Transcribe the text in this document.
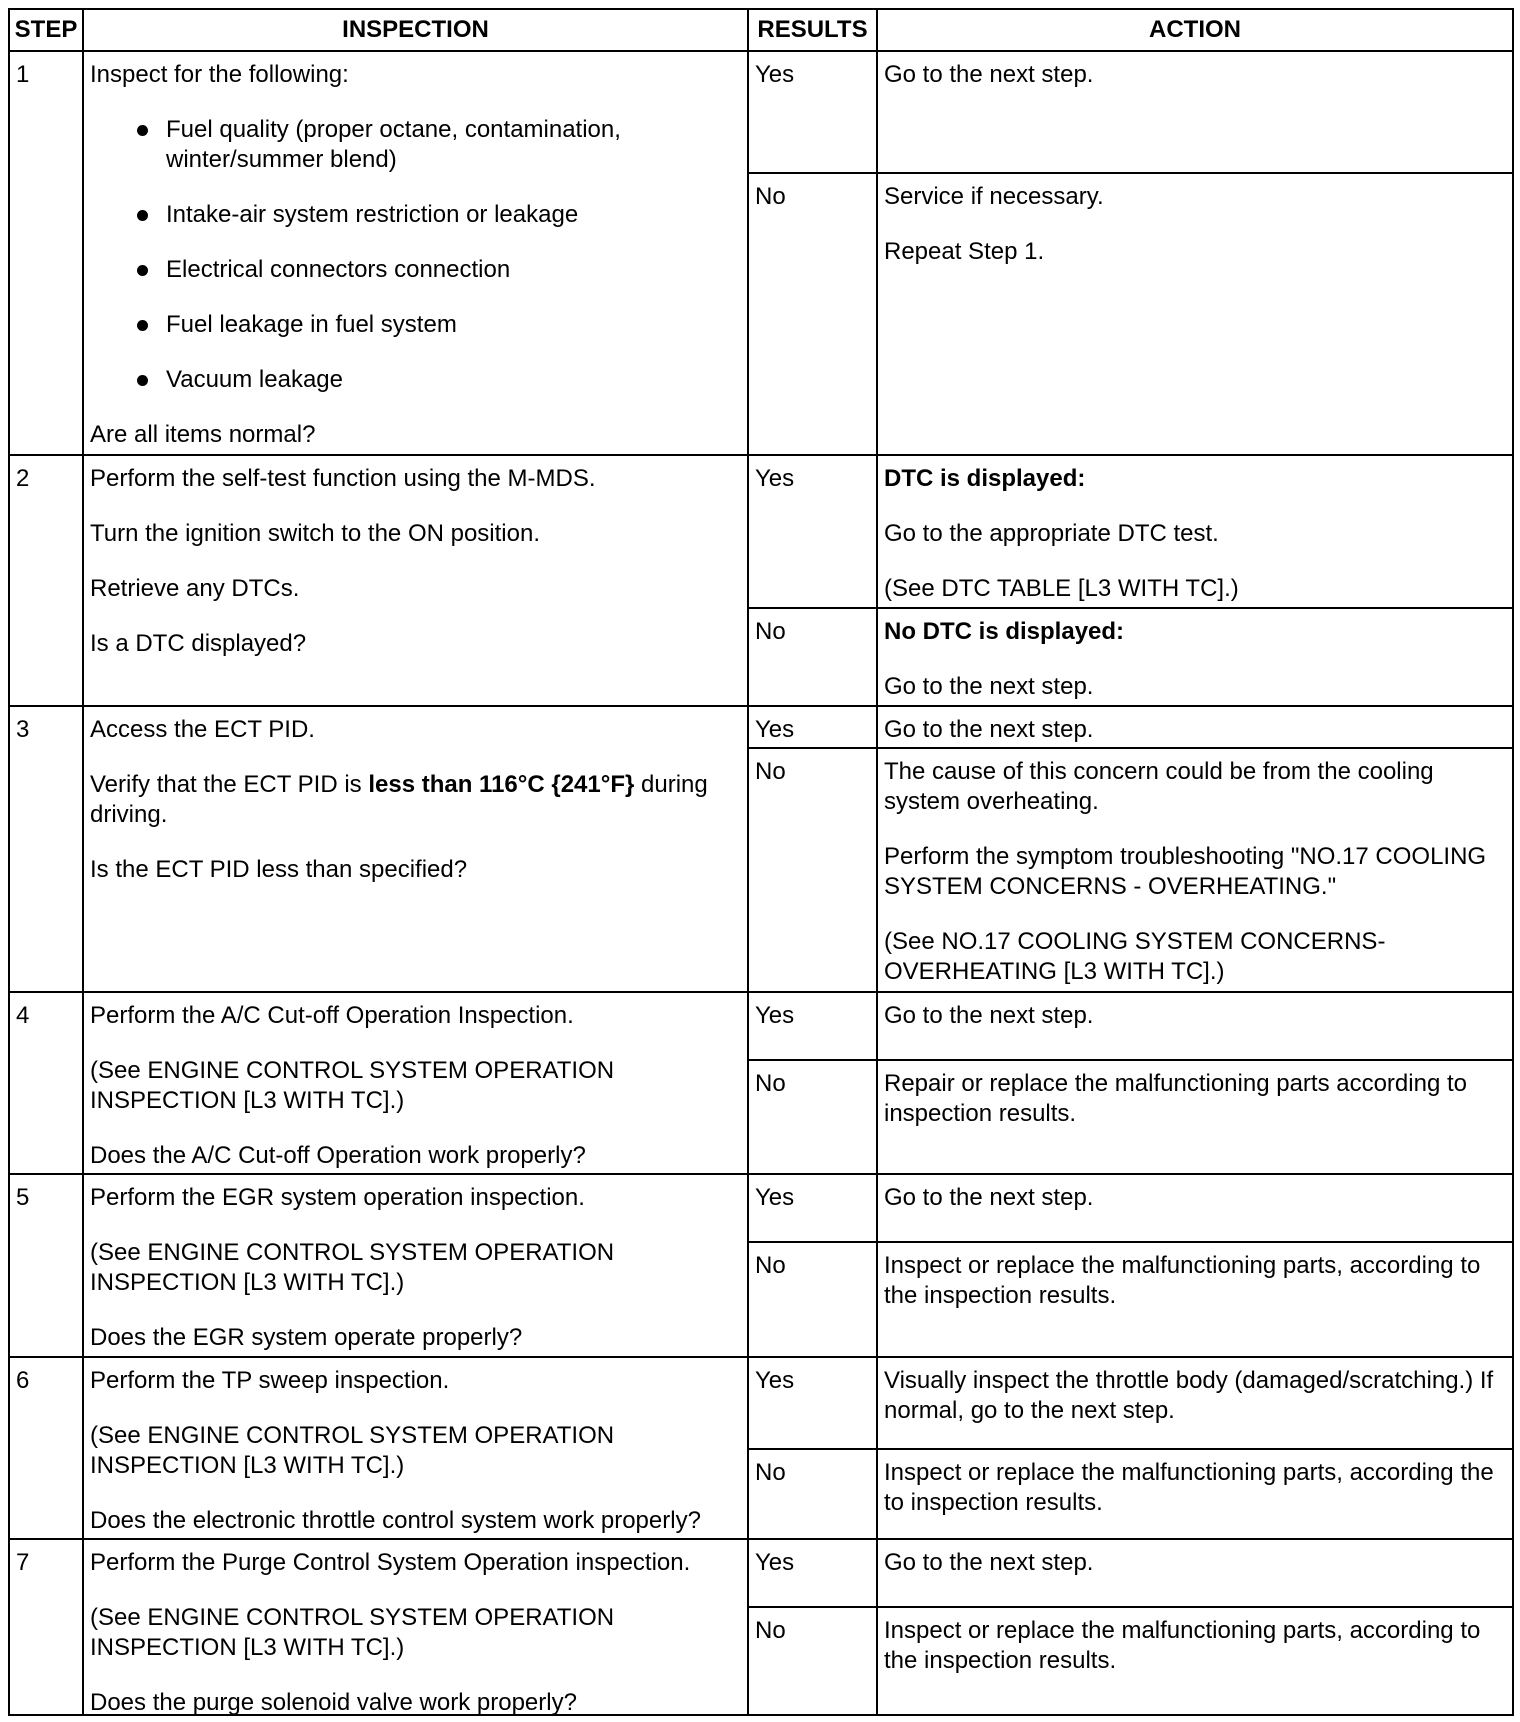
STEP	INSPECTION	RESULTS	ACTION
1	Inspect for the following:
Fuel quality (proper octane, contamination, winter/summer blend)
Intake-air system restriction or leakage
Electrical connectors connection
Fuel leakage in fuel system
Vacuum leakage
Are all items normal?
Yes	Go to the next step.
No	Service if necessary.
Repeat Step 1.
2	Perform the self-test function using the M-MDS.
Turn the ignition switch to the ON position.
Retrieve any DTCs.
Is a DTC displayed?
Yes	DTC is displayed:
Go to the appropriate DTC test.
(See DTC TABLE [L3 WITH TC].)
No	No DTC is displayed:
Go to the next step.
3	Access the ECT PID.
Verify that the ECT PID is less than 116°C {241°F} during driving.
Is the ECT PID less than specified?
Yes	Go to the next step.
No	The cause of this concern could be from the cooling system overheating.
Perform the symptom troubleshooting "NO.17 COOLING SYSTEM CONCERNS - OVERHEATING."
(See NO.17 COOLING SYSTEM CONCERNS-OVERHEATING [L3 WITH TC].)
4	Perform the A/C Cut-off Operation Inspection.
(See ENGINE CONTROL SYSTEM OPERATION INSPECTION [L3 WITH TC].)
Does the A/C Cut-off Operation work properly?
Yes	Go to the next step.
No	Repair or replace the malfunctioning parts according to inspection results.
5	Perform the EGR system operation inspection.
(See ENGINE CONTROL SYSTEM OPERATION INSPECTION [L3 WITH TC].)
Does the EGR system operate properly?
Yes	Go to the next step.
No	Inspect or replace the malfunctioning parts, according to the inspection results.
6	Perform the TP sweep inspection.
(See ENGINE CONTROL SYSTEM OPERATION INSPECTION [L3 WITH TC].)
Does the electronic throttle control system work properly?
Yes	Visually inspect the throttle body (damaged/scratching.) If normal, go to the next step.
No	Inspect or replace the malfunctioning parts, according the to inspection results.
7	Perform the Purge Control System Operation inspection.
(See ENGINE CONTROL SYSTEM OPERATION INSPECTION [L3 WITH TC].)
Does the purge solenoid valve work properly?
Yes	Go to the next step.
No	Inspect or replace the malfunctioning parts, according to the inspection results.
